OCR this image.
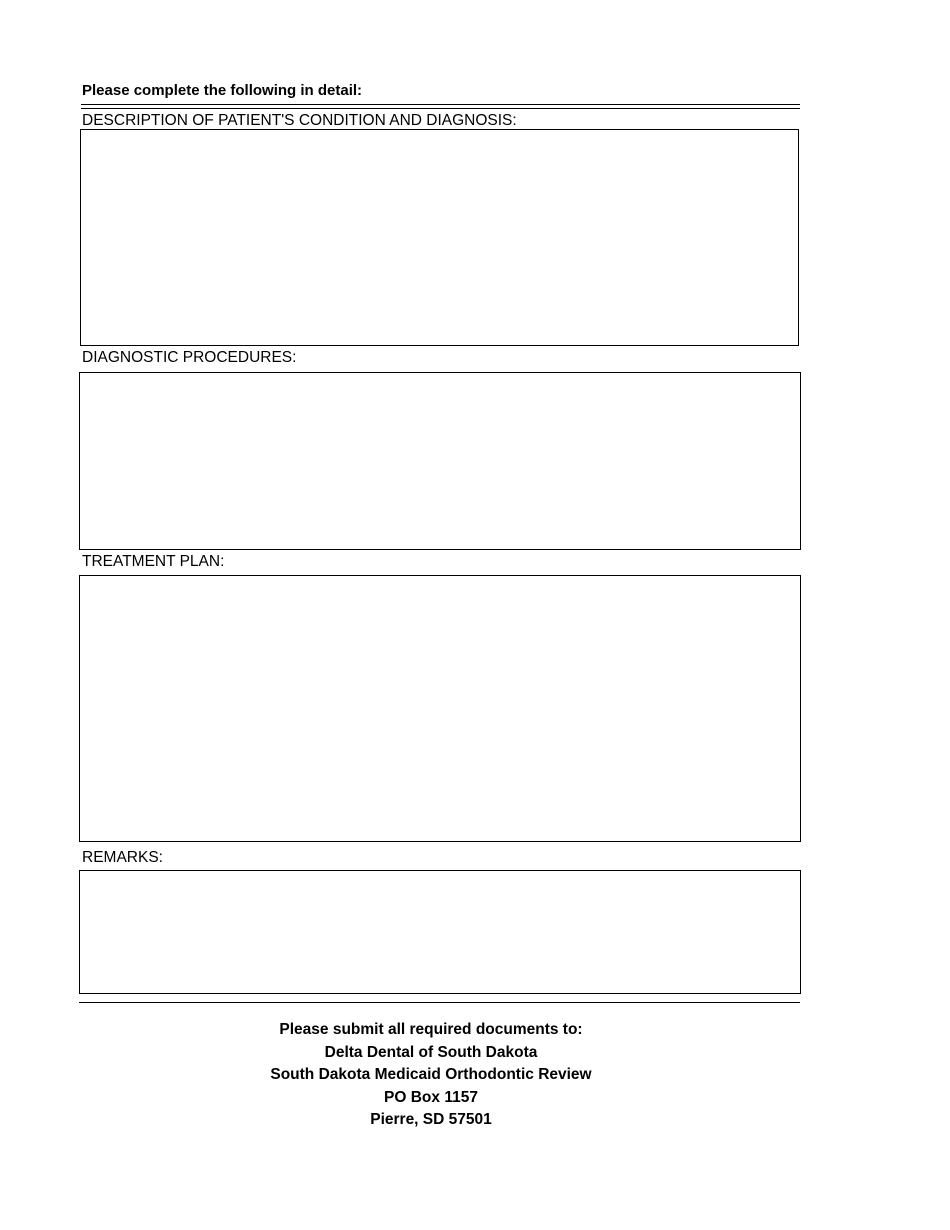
Please complete the following in detail:
DESCRIPTION OF PATIENT'S CONDITION AND DIAGNOSIS:
DIAGNOSTIC PROCEDURES:
TREATMENT PLAN:
REMARKS:
Please submit all required documents to:
Delta Dental of South Dakota
South Dakota Medicaid Orthodontic Review
PO Box 1157
Pierre, SD 57501
